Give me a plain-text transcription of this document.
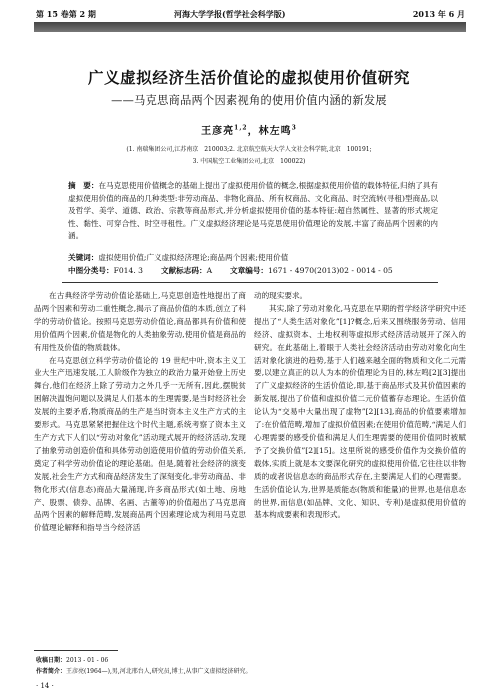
第 15 卷第 2 期	河海大学学报(哲学社会科学版)	2013 年 6 月
广义虚拟经济生活价值论的虚拟使用价值研究
——马克思商品两个因素视角的使用价值内涵的新发展
王彦亮$^{1,2}$，林左鸣$^3$
(1. 南瑞集团公司,江苏南京　210003;2. 北京航空航天大学人文社会科学院,北京　100191;
3. 中国航空工业集团公司,北京　100022)
摘　要：在马克思使用价值概念的基础上提出了虚拟使用价值的概念,根据虚拟使用价值的载体特征,归纳了具有虚拟使用价值的商品的几种类型:非劳动商品、非物化商品、所有权商品、文化商品、时空流转(寻租)型商品,以及哲学、美学、道德、政治、宗教等商品形式,并分析虚拟使用价值的基本特征:超自然属性、显著的形式规定性、黏性、可穿合性、时空寻租性。广义虚拟经济理论是马克思使用价值理论的发展,丰富了商品两个因素的内涵。
关键词：虚拟使用价值;广义虚拟经济理论;商品两个因素;使用价值
中图分类号：F014. 3 文献标志码：A 文章编号：1671 - 4970(2013)02 - 0014 - 05

在古典经济学劳动价值论基础上,马克思创造性地提出了商品两个因素和劳动二重性概念,揭示了商品价值的本质,创立了科学的劳动价值论。按照马克思劳动价值论,商品都具有价值和使用价值两个因素,价值是物化的人类抽象劳动,使用价值是商品的有用性及价值的物质载体。

在马克思创立科学劳动价值论的 19 世纪中叶,资本主义工业大生产迅速发展,工人阶级作为独立的政治力量开始登上历史舞台,他们在经济上除了劳动力之外几乎一无所有,因此,摆脱贫困解决温饱问题以及满足人们基本的生理需要,是当时经济社会发展的主要矛盾,物质商品的生产是当时资本主义生产方式的主要形式。马克思紧紧把握住这个时代主题,系统考察了资本主义生产方式下人们以“劳动对象化”活动现式展开的经济活动,发现了抽象劳动创造价值和具体劳动创造使用价值的劳动价值关系,奠定了科学劳动价值论的理论基础。但是,随着社会经济的演变发展,社会生产方式和商品经济发生了深刻变化,非劳动商品、非物化形式(信息态)商品大量涌现,许多商品形式(如土地、房地产、股票、债券、品牌、名画、古董等)的价值超出了马克思商品两个因素的解释范畴,发展商品两个因素理论成为利用马克思价值理论解释和指导当今经济活

动的现实要求。

其实,除了劳动对象化,马克思在早期的哲学经济学研究中还提出了“人类生活对象化”[1]?概念,后来又围绕服务劳动、信用经济、虚拟资本、土地权利等虚拟形式经济活动展开了深入的研究。在此基础上,着眼于人类社会经济活动由劳动对象化向生活对象化演进的趋势,基于人们越来越全面的物质和文化二元需要,以建立真正的以人为本的价值理论为目的,林左鸣[2][3]提出了广义虚拟经济的生活价值论,即,基于商品形式及其价值因素的新发展,提出了价值和虚拟价值二元价值蓄存态理论。生活价值论认为“交易中大量出现了虚物”[2][13],商品的价值要素增加了:在价值范畴,增加了虚拟价值因素;在使用价值范畴,“满足人们心理需要的感受价值和满足人们生理需要的使用价值同时被赋予了交换价值”[2][15]。这里所说的感受价值作为交换价值的载体,实质上就是本文要深化研究的虚拟使用价值,它往往以非物质的或者说信息态的商品形式存在,主要满足人们的心理需要。生活价值论认为,世界是质能态(物质和能量)的世界,也是信息态的世界,而信息(如品牌、文化、知识、专利)是虚拟使用价值的基本构成要素和表现形式。

收稿日期：2013 - 01 - 06
作者简介：王彦亮(1964—),男,河北邢台人,研究员,博士,从事广义虚拟经济研究。
· 14 ·
